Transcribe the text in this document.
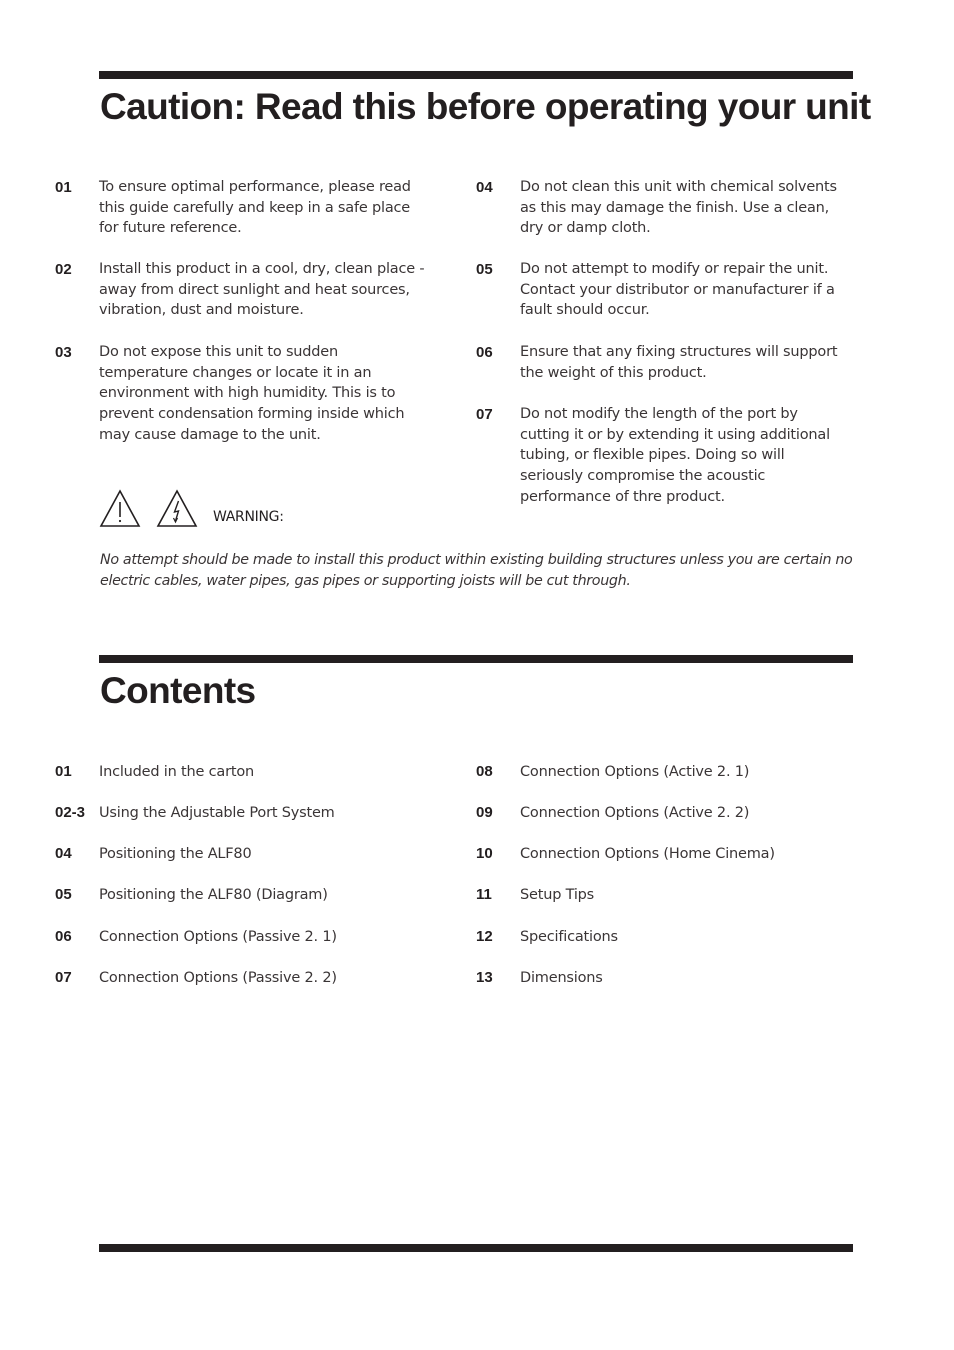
Caution: Read this before operating your unit
01 To ensure optimal performance, please read this guide carefully and keep in a safe place for future reference.
02 Install this product in a cool, dry, clean place - away from direct sunlight and heat sources, vibration, dust and moisture.
03 Do not expose this unit to sudden temperature changes or locate it in an environment with high humidity. This is to prevent condensation forming inside which may cause damage to the unit.
04 Do not clean this unit with chemical solvents as this may damage the finish. Use a clean, dry or damp cloth.
05 Do not attempt to modify or repair the unit. Contact your distributor or manufacturer if a fault should occur.
06 Ensure that any fixing structures will support the weight of this product.
07 Do not modify the length of the port by cutting it or by extending it using additional tubing, or flexible pipes. Doing so will seriously compromise the acoustic performance of thre product.
WARNING:
No attempt should be made to install this product within existing building structures unless you are certain no electric cables, water pipes, gas pipes or supporting joists will be cut through.
Contents
01 Included in the carton
02-3 Using the Adjustable Port System
04 Positioning the ALF80
05 Positioning the ALF80 (Diagram)
06 Connection Options (Passive 2. 1)
07 Connection Options (Passive 2. 2)
08 Connection Options (Active 2. 1)
09 Connection Options (Active 2. 2)
10 Connection Options (Home Cinema)
11 Setup Tips
12 Specifications
13 Dimensions
